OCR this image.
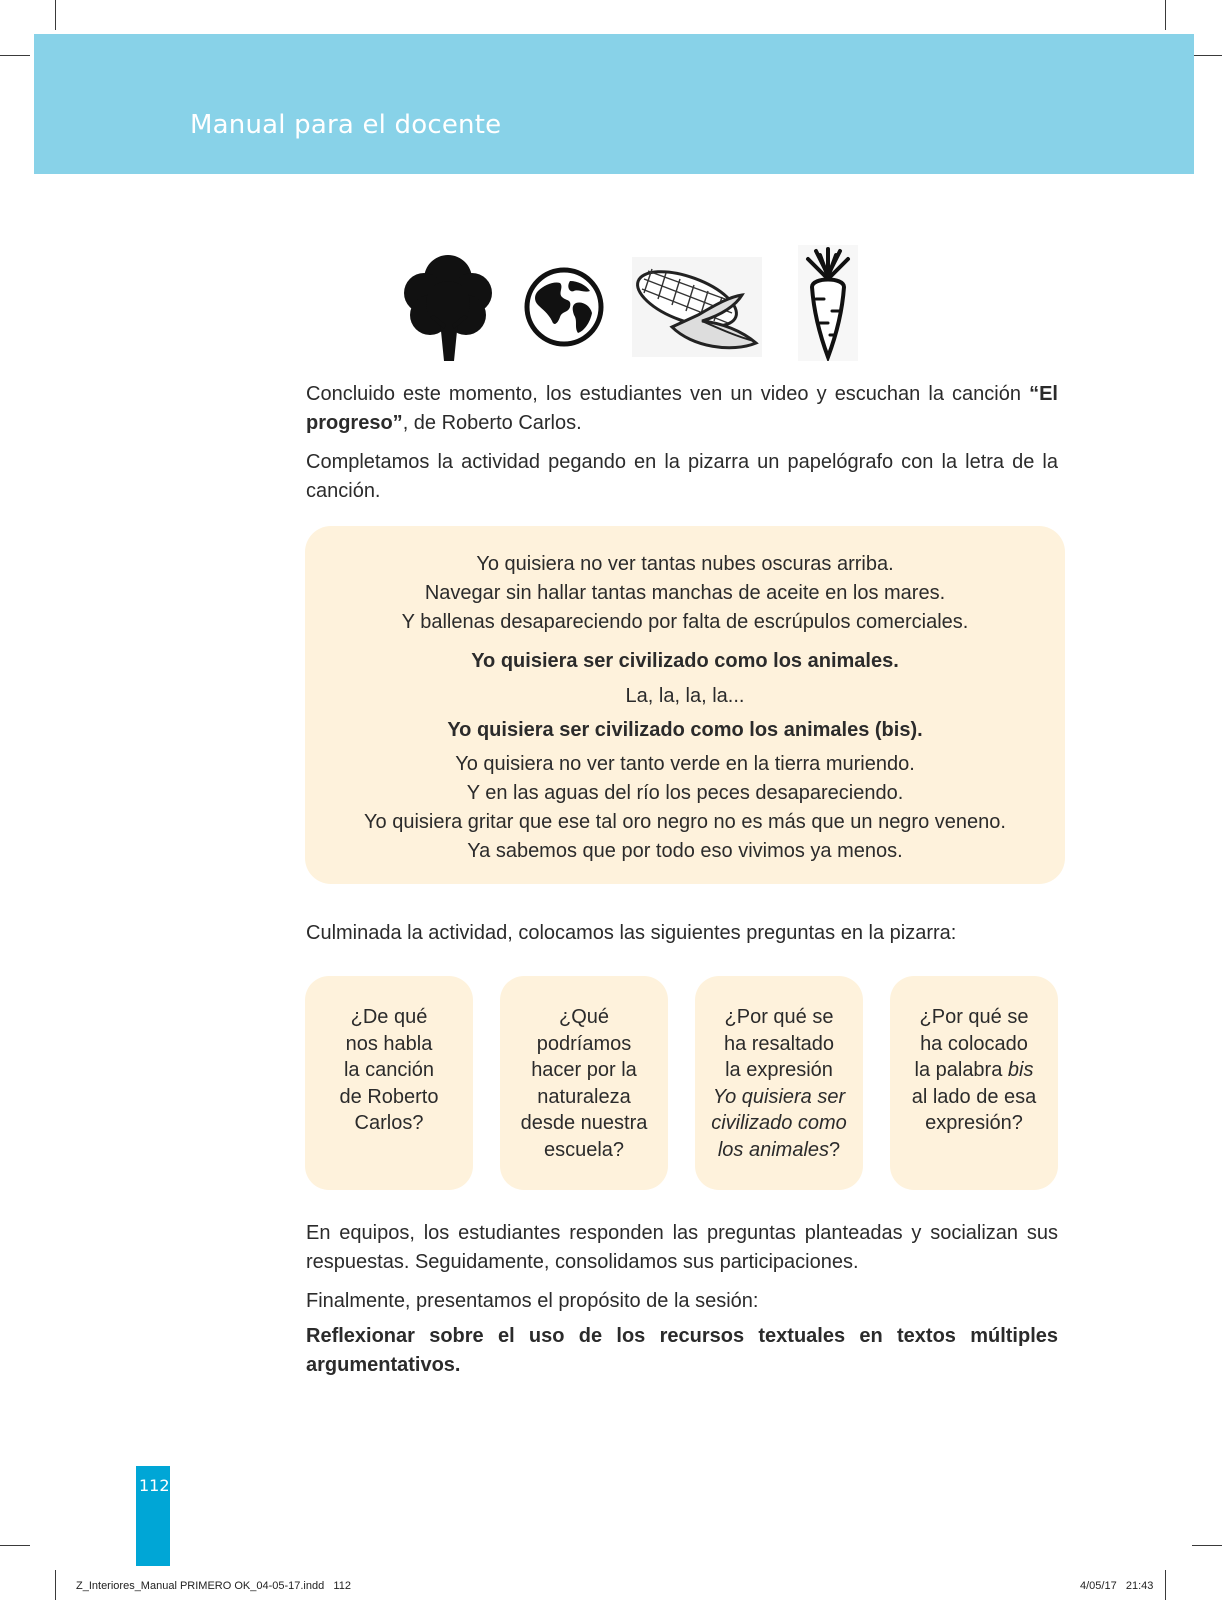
Manual para el docente
Concluido este momento, los estudiantes ven un video y escuchan la canción “El progreso”, de Roberto Carlos.
Completamos la actividad pegando en la pizarra un papelógrafo con la letra de la canción.
Yo quisiera no ver tantas nubes oscuras arriba.
Navegar sin hallar tantas manchas de aceite en los mares.
Y ballenas desapareciendo por falta de escrúpulos comerciales.
Yo quisiera ser civilizado como los animales.
La, la, la, la...
Yo quisiera ser civilizado como los animales (bis).
Yo quisiera no ver tanto verde en la tierra muriendo.
Y en las aguas del río los peces desapareciendo.
Yo quisiera gritar que ese tal oro negro no es más que un negro veneno.
Ya sabemos que por todo eso vivimos ya menos.
Culminada la actividad, colocamos las siguientes preguntas en la pizarra:
¿De qué
nos habla
la canción
de Roberto
Carlos?
¿Qué
podríamos
hacer por la
naturaleza
desde nuestra
escuela?
¿Por qué se
ha resaltado
la expresión
Yo quisiera ser
civilizado como
los animales?
¿Por qué se
ha colocado
la palabra bis
al lado de esa
expresión?
En equipos, los estudiantes responden las preguntas planteadas y socializan sus respuestas. Seguidamente, consolidamos sus participaciones.
Finalmente, presentamos el propósito de la sesión:
Reflexionar sobre el uso de los recursos textuales en textos múltiples argumentativos.
112
Z_Interiores_Manual PRIMERO OK_04-05-17.indd   112	4/05/17   21:43
